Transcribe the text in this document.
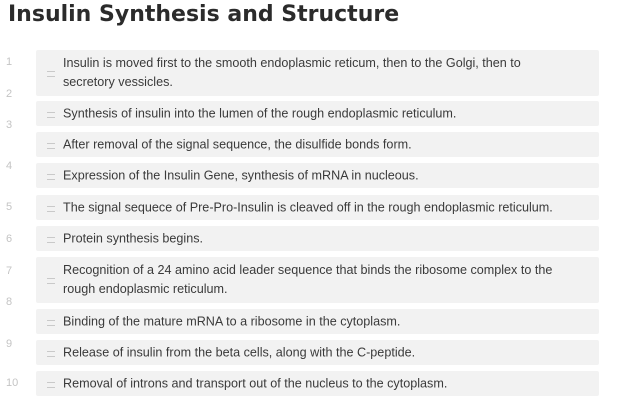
Insulin Synthesis and Structure
1
2
3
4
5
6
7
8
9
10
Insulin is moved first to the smooth endoplasmic reticum, then to the Golgi, then to secretory vessicles.
Synthesis of insulin into the lumen of the rough endoplasmic reticulum.
After removal of the signal sequence, the disulfide bonds form.
Expression of the Insulin Gene, synthesis of mRNA in nucleous.
The signal sequece of Pre-Pro-Insulin is cleaved off in the rough endoplasmic reticulum.
Protein synthesis begins.
Recognition of a 24 amino acid leader sequence that binds the ribosome complex to the rough endoplasmic reticulum.
Binding of the mature mRNA to a ribosome in the cytoplasm.
Release of insulin from the beta cells, along with the C-peptide.
Removal of introns and transport out of the nucleus to the cytoplasm.
